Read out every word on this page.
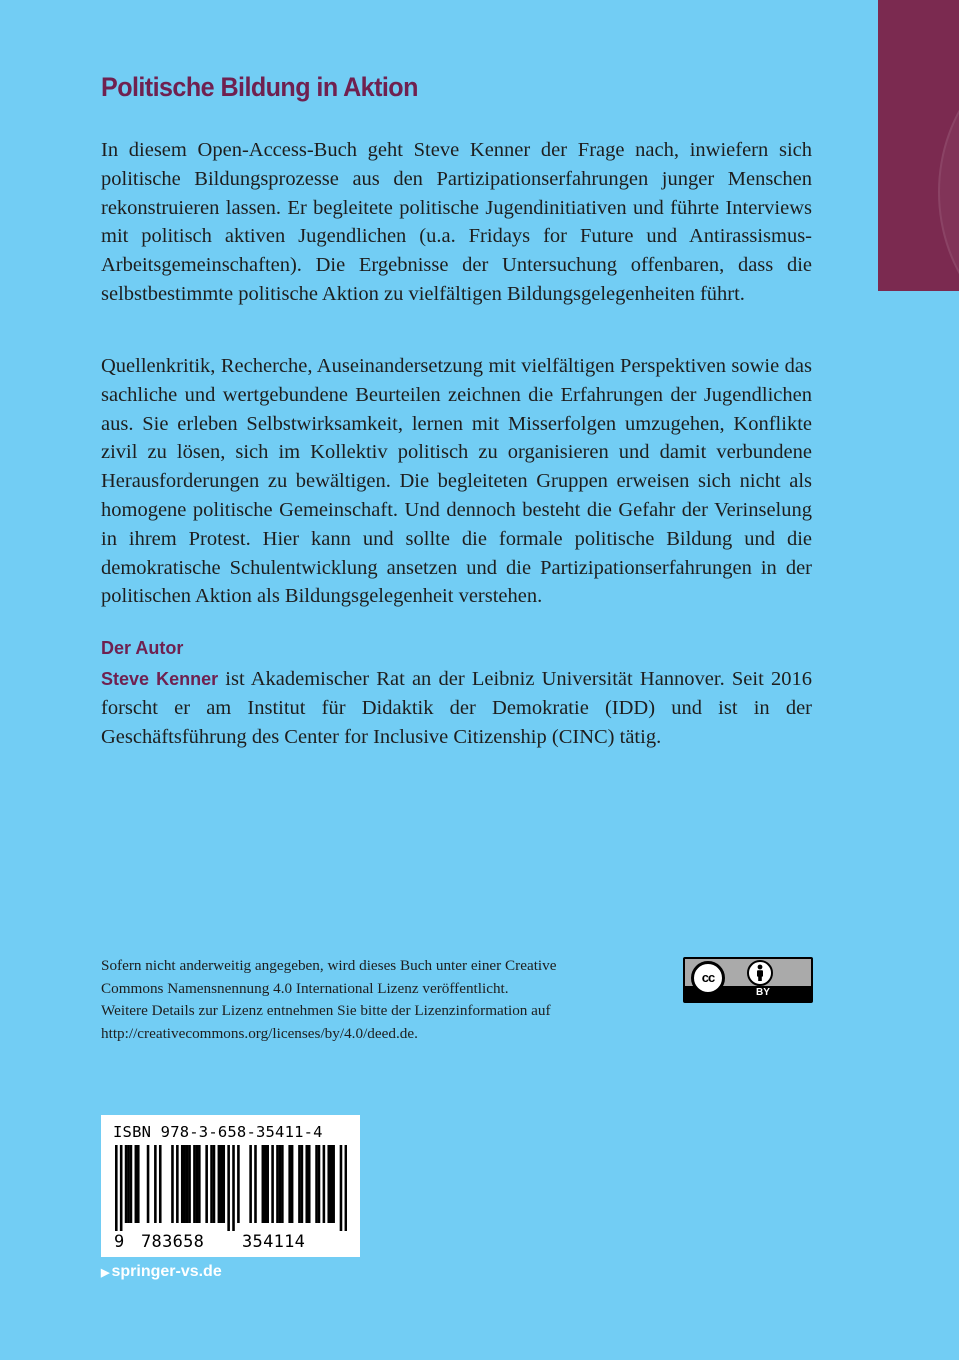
Politische Bildung in Aktion

In diesem Open-Access-Buch geht Steve Kenner der Frage nach, inwiefern sich politische Bildungsprozesse aus den Partizipationserfahrungen junger Menschen rekonstruieren lassen. Er begleitete politische Jugendinitiativen und führte Interviews mit politisch aktiven Jugendlichen (u.a. Fridays for Future und Antirassismus-Arbeitsgemeinschaften). Die Ergebnisse der Untersuchung offenbaren, dass die selbstbestimmte politische Aktion zu vielfältigen Bildungsgelegenheiten führt.

Quellenkritik, Recherche, Auseinandersetzung mit vielfältigen Perspektiven sowie das sachliche und wertgebundene Beurteilen zeichnen die Erfahrungen der Jugendlichen aus. Sie erleben Selbstwirksamkeit, lernen mit Misserfolgen umzugehen, Konflikte zivil zu lösen, sich im Kollektiv politisch zu organisieren und damit verbundene Herausforderungen zu bewältigen. Die begleiteten Gruppen erweisen sich nicht als homogene politische Gemeinschaft. Und dennoch besteht die Gefahr der Verinselung in ihrem Protest. Hier kann und sollte die formale politische Bildung und die demokratische Schulentwicklung ansetzen und die Partizipationserfahrungen in der politischen Aktion als Bildungsgelegenheit verstehen.

Der Autor

Steve Kenner ist Akademischer Rat an der Leibniz Universität Hannover. Seit 2016 forscht er am Institut für Didaktik der Demokratie (IDD) und ist in der Geschäftsführung des Center for Inclusive Citizenship (CINC) tätig.

Sofern nicht anderweitig angegeben, wird dieses Buch unter einer Creative
Commons Namensnennung 4.0 International Lizenz veröffentlicht.
Weitere Details zur Lizenz entnehmen Sie bitte der Lizenzinformation auf
http://creativecommons.org/licenses/by/4.0/deed.de.
cc
BY
ISBN 978-3-658-35411-4
9 783658 354114
▶ springer-vs.de
